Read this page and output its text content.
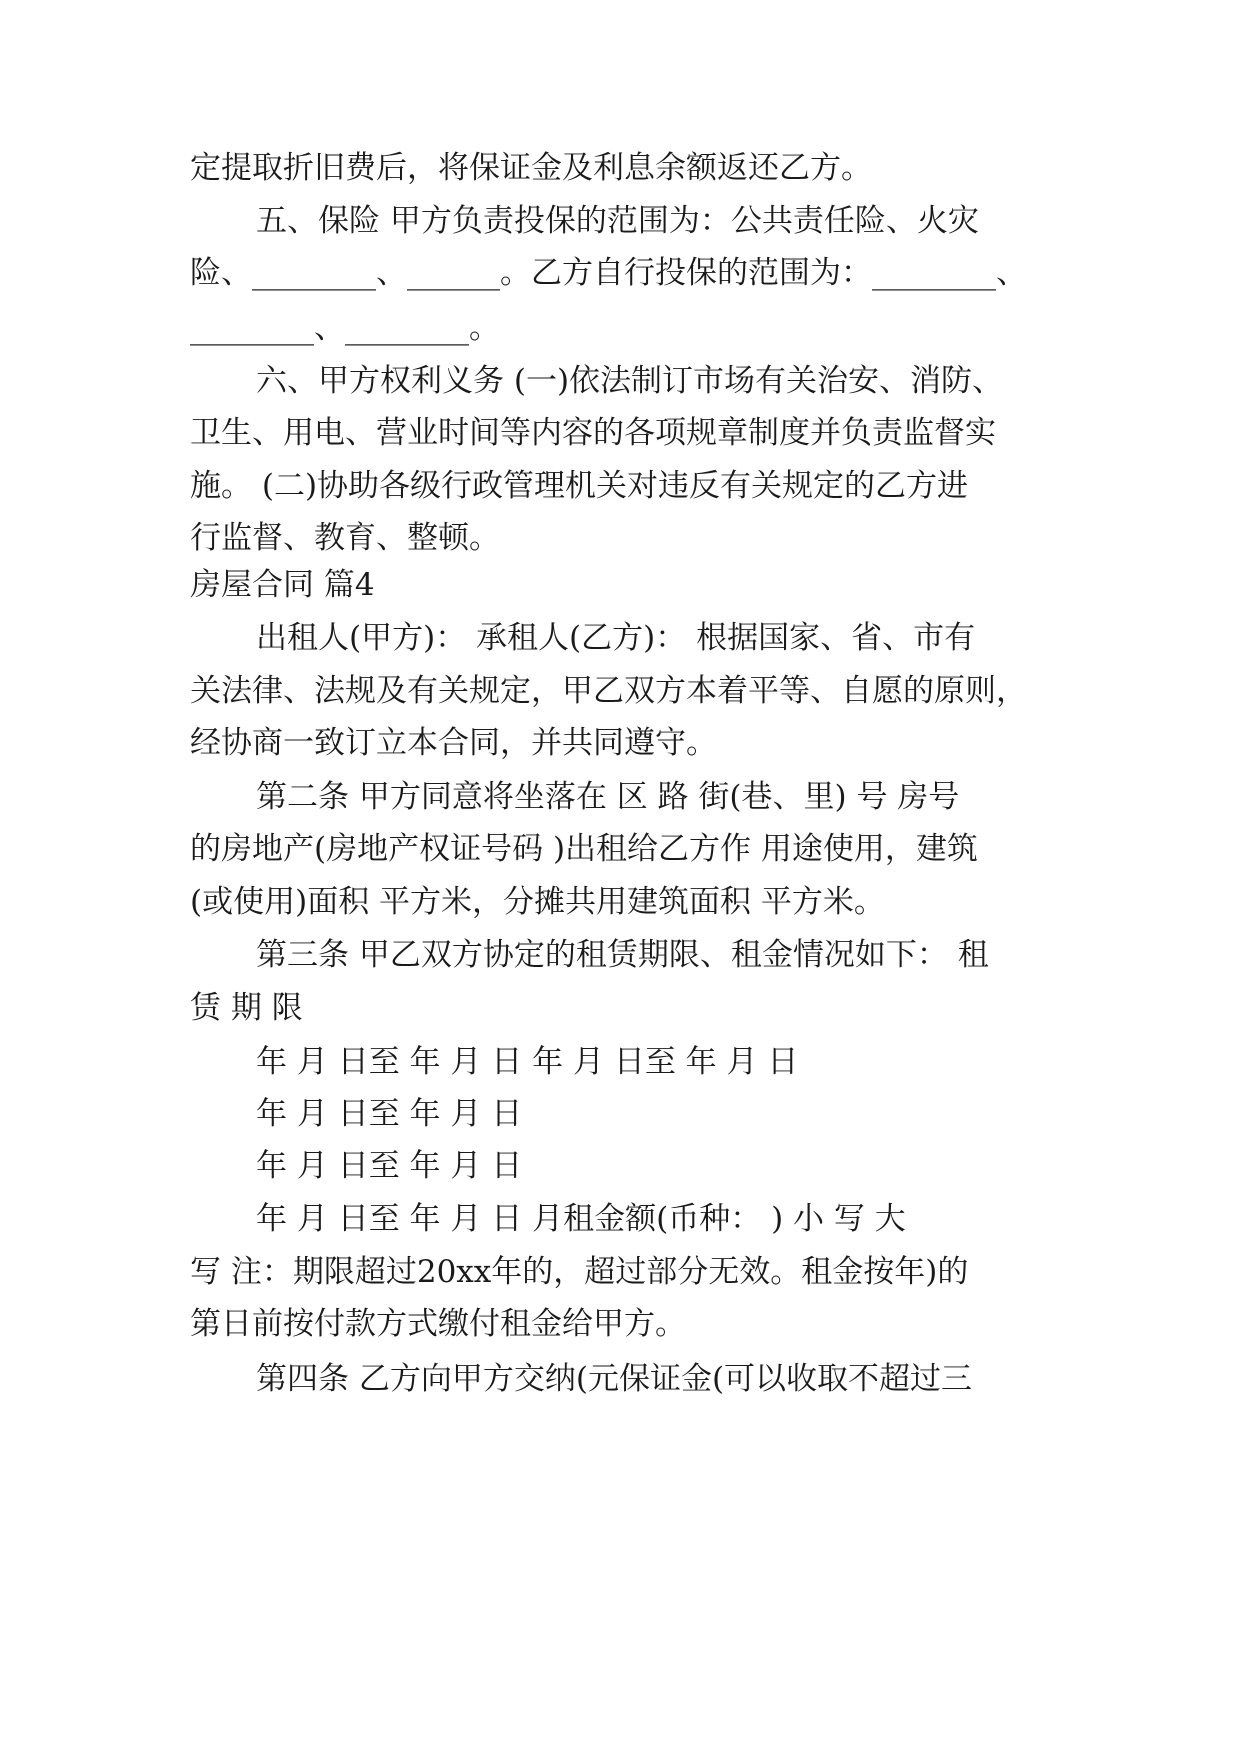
定提取折旧费后，将保证金及利息余额返还乙方。
五、保险 甲方负责投保的范围为：公共责任险、火灾
险、________、______。乙方自行投保的范围为：________、
________、________。
六、甲方权利义务 (一)依法制订市场有关治安、消防、
卫生、用电、营业时间等内容的各项规章制度并负责监督实
施。 (二)协助各级行政管理机关对违反有关规定的乙方进
行监督、教育、整顿。
房屋合同 篇4
出租人(甲方)： 承租人(乙方)： 根据国家、省、市有
关法律、法规及有关规定，甲乙双方本着平等、自愿的原则，
经协商一致订立本合同，并共同遵守。
第二条 甲方同意将坐落在 区 路 街(巷、里) 号 房号
的房地产(房地产权证号码 )出租给乙方作 用途使用，建筑
(或使用)面积 平方米，分摊共用建筑面积 平方米。
第三条 甲乙双方协定的租赁期限、租金情况如下： 租
赁 期 限
年 月 日至 年 月 日 年 月 日至 年 月 日
年 月 日至 年 月 日
年 月 日至 年 月 日
年 月 日至 年 月 日 月租金额(币种： ) 小 写 大
写 注：期限超过20xx年的，超过部分无效。租金按年)的
第日前按付款方式缴付租金给甲方。
第四条 乙方向甲方交纳(元保证金(可以收取不超过三
